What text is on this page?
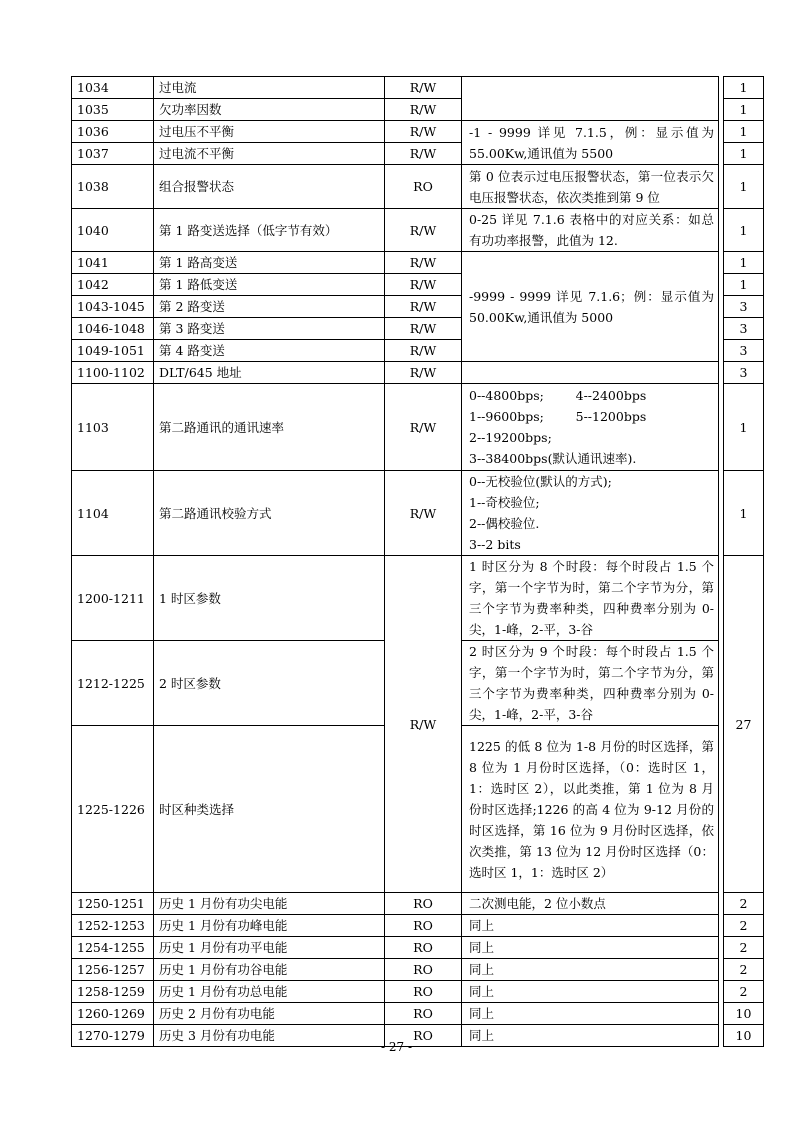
1034	过电流	R/W			1
1035	欠功率因数	R/W			1
1036	过电压不平衡	R/W	-1 - 9999 详见 7.1.5，例：显示值为 55.00Kw,通讯值为 5500		1
1037	过电流不平衡	R/W			1
1038	组合报警状态	RO	第 0 位表示过电压报警状态，第一位表示欠电压报警状态，依次类推到第 9 位		1
1040	第 1 路变送选择（低字节有效）	R/W	0-25 详见 7.1.6 表格中的对应关系：如总有功功率报警，此值为 12.		1
1041	第 1 路高变送	R/W	-9999 - 9999 详见 7.1.6；例：显示值为 50.00Kw,通讯值为 5000		1
1042	第 1 路低变送	R/W			1
1043-1045	第 2 路变送	R/W			3
1046-1048	第 3 路变送	R/W			3
1049-1051	第 4 路变送	R/W			3
1100-1102	DLT/645 地址	R/W			3
1103	第二路通讯的通讯速率	R/W	0--4800bps;        4--2400bps
1--9600bps;        5--1200bps
2--19200bps;
3--38400bps(默认通讯速率).		1
1104	第二路通讯校验方式	R/W	0--无校验位(默认的方式);
1--奇校验位;
2--偶校验位.
3--2 bits		1
1200-1211	1 时区参数	R/W	1 时区分为 8 个时段：每个时段占 1.5 个字，第一个字节为时，第二个字节为分，第三个字节为费率种类，四种费率分别为 0-尖，1-峰，2-平，3-谷		27
1212-1225	2 时区参数		2 时区分为 9 个时段：每个时段占 1.5 个字，第一个字节为时，第二个字节为分，第三个字节为费率种类，四种费率分别为 0-尖，1-峰，2-平，3-谷		
1225-1226	时区种类选择		1225 的低 8 位为 1-8 月份的时区选择，第 8 位为 1 月份时区选择，（0：选时区 1，1：选时区 2），以此类推，第 1 位为 8 月份时区选择;1226 的高 4 位为 9-12 月份的时区选择，第 16 位为 9 月份时区选择，依次类推，第 13 位为 12 月份时区选择（0：选时区 1，1：选时区 2）		
1250-1251	历史 1 月份有功尖电能	RO	二次测电能，2 位小数点		2
1252-1253	历史 1 月份有功峰电能	RO	同上		2
1254-1255	历史 1 月份有功平电能	RO	同上		2
1256-1257	历史 1 月份有功谷电能	RO	同上		2
1258-1259	历史 1 月份有功总电能	RO	同上		2
1260-1269	历史 2 月份有功电能	RO	同上		10
1270-1279	历史 3 月份有功电能	RO	同上		10
- 27 -
